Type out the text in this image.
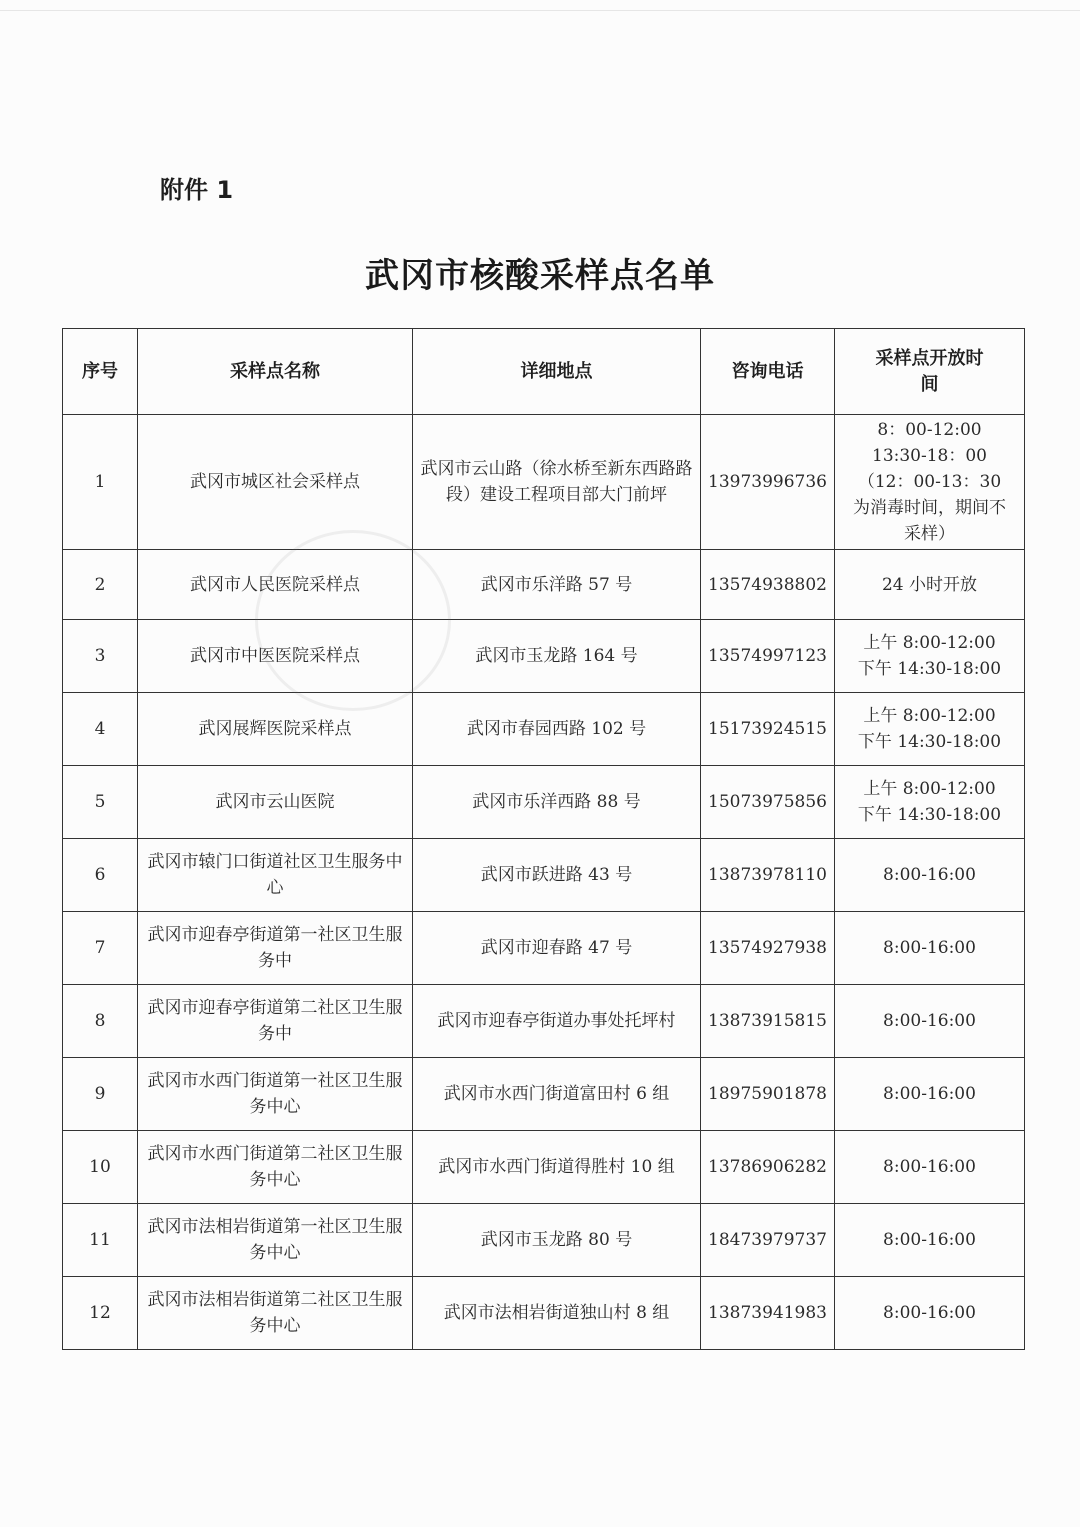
附件 1
武冈市核酸采样点名单
序号	采样点名称	详细地点	咨询电话	采样点开放时间
1	武冈市城区社会采样点	武冈市云山路（徐水桥至新东西路路段）建设工程项目部大门前坪	13973996736	8：00-12:00
13:30-18：00
（12：00-13：30
为消毒时间，期间不
采样）

2	武冈市人民医院采样点	武冈市乐洋路 57 号	13574938802	24 小时开放

3	武冈市中医医院采样点	武冈市玉龙路 164 号	13574997123	上午 8:00-12:00
下午 14:30-18:00

4	武冈展辉医院采样点	武冈市春园西路 102 号	15173924515	上午 8:00-12:00
下午 14:30-18:00

5	武冈市云山医院	武冈市乐洋西路 88 号	15073975856	上午 8:00-12:00
下午 14:30-18:00

6	武冈市辕门口街道社区卫生服务中心	武冈市跃进路 43 号	13873978110	8:00-16:00

7	武冈市迎春亭街道第一社区卫生服务中	武冈市迎春路 47 号	13574927938	8:00-16:00

8	武冈市迎春亭街道第二社区卫生服务中	武冈市迎春亭街道办事处托坪村	13873915815	8:00-16:00

9	武冈市水西门街道第一社区卫生服务中心	武冈市水西门街道富田村 6 组	18975901878	8:00-16:00

10	武冈市水西门街道第二社区卫生服务中心	武冈市水西门街道得胜村 10 组	13786906282	8:00-16:00

11	武冈市法相岩街道第一社区卫生服务中心	武冈市玉龙路 80 号	18473979737	8:00-16:00

12	武冈市法相岩街道第二社区卫生服务中心	武冈市法相岩街道独山村 8 组	13873941983	8:00-16:00
